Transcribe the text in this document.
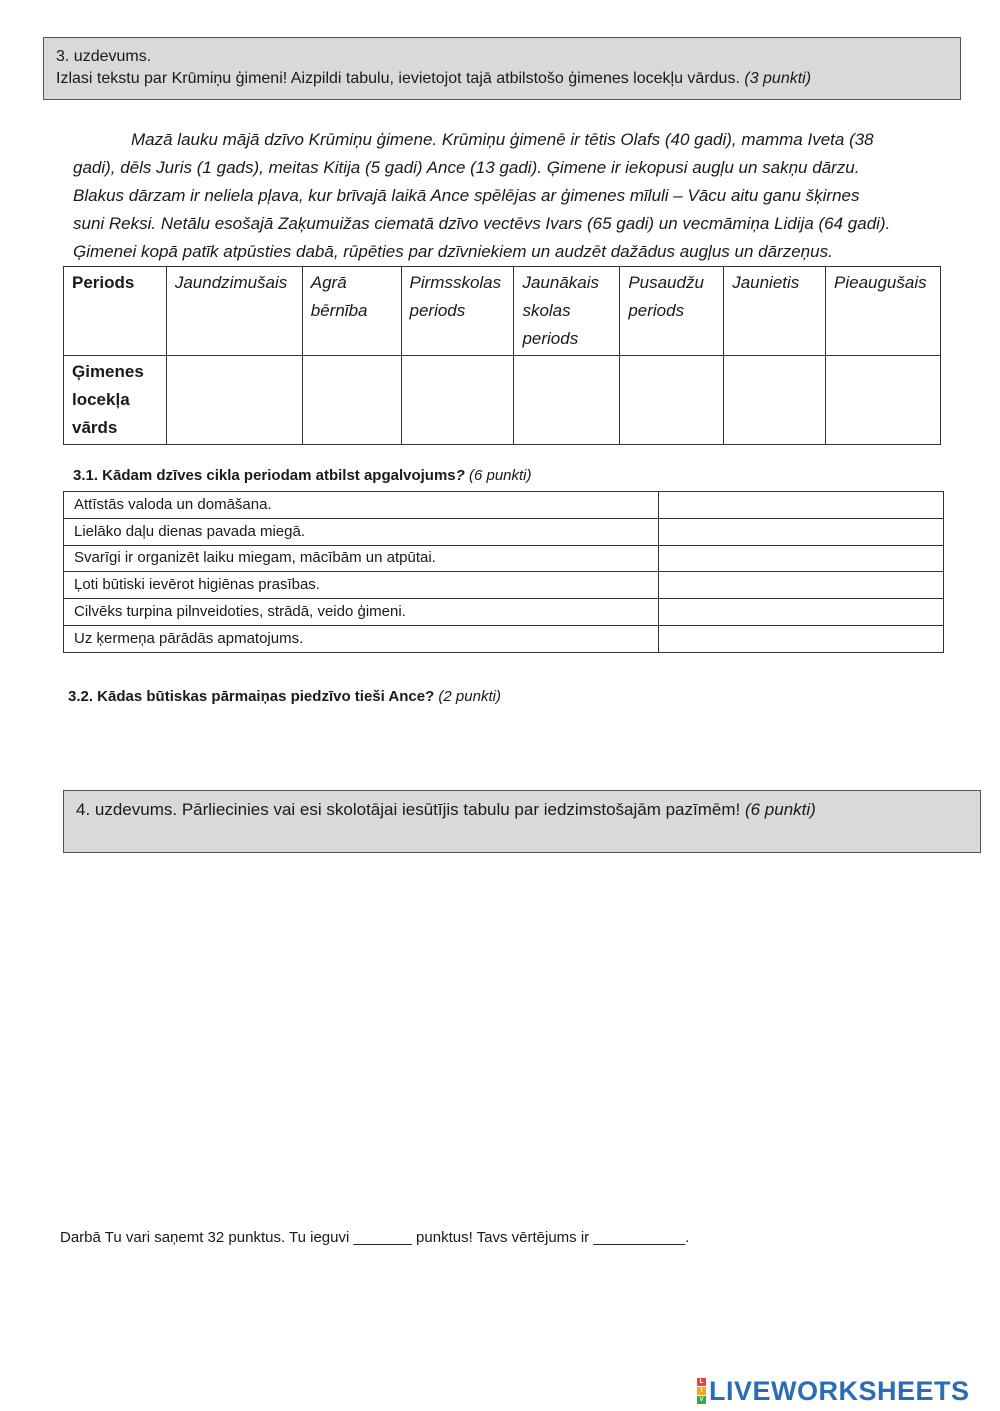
3. uzdevums.
Izlasi tekstu par Krūmiņu ģimeni! Aizpildi tabulu, ievietojot tajā atbilstošo ģimenes locekļu vārdus. (3 punkti)
Mazā lauku mājā dzīvo Krūmiņu ģimene. Krūmiņu ģimenē ir tētis Olafs (40 gadi), mamma Iveta (38
gadi), dēls Juris (1 gads), meitas Kitija (5 gadi) Ance (13 gadi). Ģimene ir iekopusi augļu un sakņu dārzu.
Blakus dārzam ir neliela pļava, kur brīvajā laikā Ance spēlējas ar ģimenes mīluli – Vācu aitu ganu šķirnes
suni Reksi. Netālu esošajā Zaķumuižas ciematā dzīvo vectēvs Ivars (65 gadi) un vecmāmiņa Lidija (64 gadi).
Ģimenei kopā patīk atpūsties dabā, rūpēties par dzīvniekiem un audzēt dažādus augļus un dārzeņus.
Periods	Jaundzimušais	Agrā bērnība	Pirmsskolas periods	Jaunākais skolas periods	Pusaudžu periods	Jaunietis	Pieaugušais
Ģimenes locekļa vārds							
3.1. Kādam dzīves cikla periodam atbilst apgalvojums? (6 punkti)
Attīstās valoda un domāšana.	
Lielāko daļu dienas pavada miegā.	
Svarīgi ir organizēt laiku miegam, mācībām un atpūtai.	
Ļoti būtiski ievērot higiēnas prasības.	
Cilvēks turpina pilnveidoties, strādā, veido ģimeni.	
Uz ķermeņa pārādās apmatojums.	
3.2. Kādas būtiskas pārmaiņas piedzīvo tieši Ance? (2 punkti)
4. uzdevums. Pārliecinies vai esi skolotājai iesūtījis tabulu par iedzimstošajām pazīmēm! (6 punkti)
Darbā Tu vari saņemt 32 punktus. Tu ieguvi _______ punktus! Tavs vērtējums ir ___________.
L
I
V LIVEWORKSHEETS
